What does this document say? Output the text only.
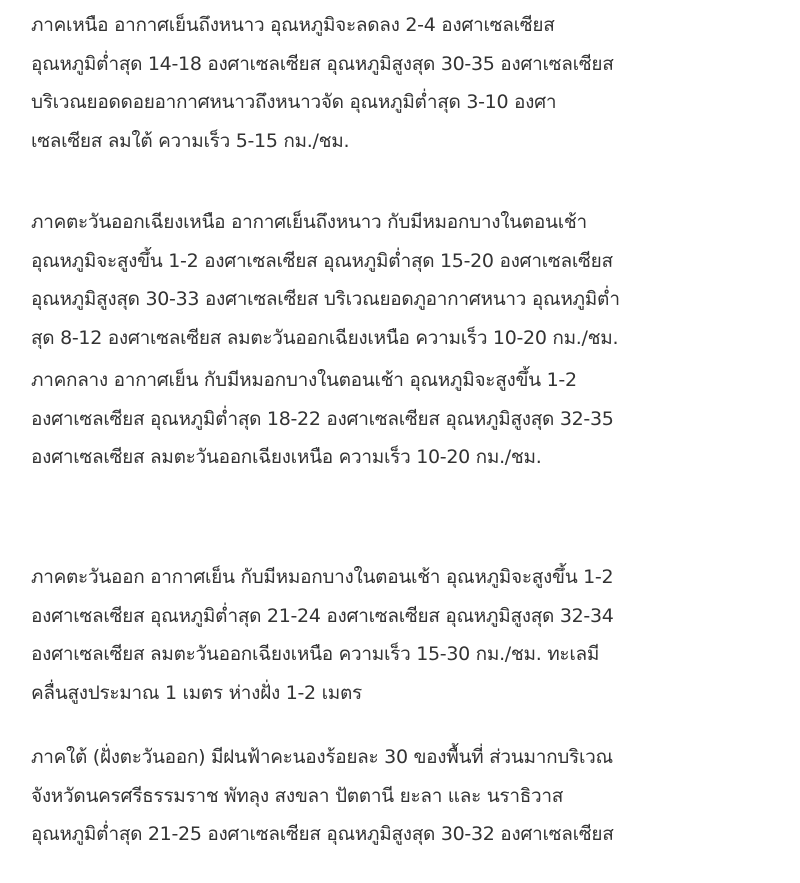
ภาคเหนือ อากาศเย็นถึงหนาว อุณหภูมิจะลดลง 2-4 องศาเซลเซียส
อุณหภูมิต่ำสุด 14-18 องศาเซลเซียส อุณหภูมิสูงสุด 30-35 องศาเซลเซียส
บริเวณยอดดอยอากาศหนาวถึงหนาวจัด อุณหภูมิต่ำสุด 3-10 องศา
เซลเซียส ลมใต้ ความเร็ว 5-15 กม./ชม.

ภาคตะวันออกเฉียงเหนือ อากาศเย็นถึงหนาว กับมีหมอกบางในตอนเช้า
อุณหภูมิจะสูงขึ้น 1-2 องศาเซลเซียส อุณหภูมิต่ำสุด 15-20 องศาเซลเซียส
อุณหภูมิสูงสุด 30-33 องศาเซลเซียส บริเวณยอดภูอากาศหนาว อุณหภูมิต่ำ
สุด 8-12 องศาเซลเซียส ลมตะวันออกเฉียงเหนือ ความเร็ว 10-20 กม./ชม.

ภาคกลาง อากาศเย็น กับมีหมอกบางในตอนเช้า อุณหภูมิจะสูงขึ้น 1-2
องศาเซลเซียส อุณหภูมิต่ำสุด 18-22 องศาเซลเซียส อุณหภูมิสูงสุด 32-35
องศาเซลเซียส ลมตะวันออกเฉียงเหนือ ความเร็ว 10-20 กม./ชม.

ภาคตะวันออก อากาศเย็น กับมีหมอกบางในตอนเช้า อุณหภูมิจะสูงขึ้น 1-2
องศาเซลเซียส อุณหภูมิต่ำสุด 21-24 องศาเซลเซียส อุณหภูมิสูงสุด 32-34
องศาเซลเซียส ลมตะวันออกเฉียงเหนือ ความเร็ว 15-30 กม./ชม. ทะเลมี
คลื่นสูงประมาณ 1 เมตร ห่างฝั่ง 1-2 เมตร

ภาคใต้ (ฝั่งตะวันออก) มีฝนฟ้าคะนองร้อยละ 30 ของพื้นที่ ส่วนมากบริเวณ
จังหวัดนครศรีธรรมราช พัทลุง สงขลา ปัตตานี ยะลา และ นราธิวาส
อุณหภูมิต่ำสุด 21-25 องศาเซลเซียส อุณหภูมิสูงสุด 30-32 องศาเซลเซียส
